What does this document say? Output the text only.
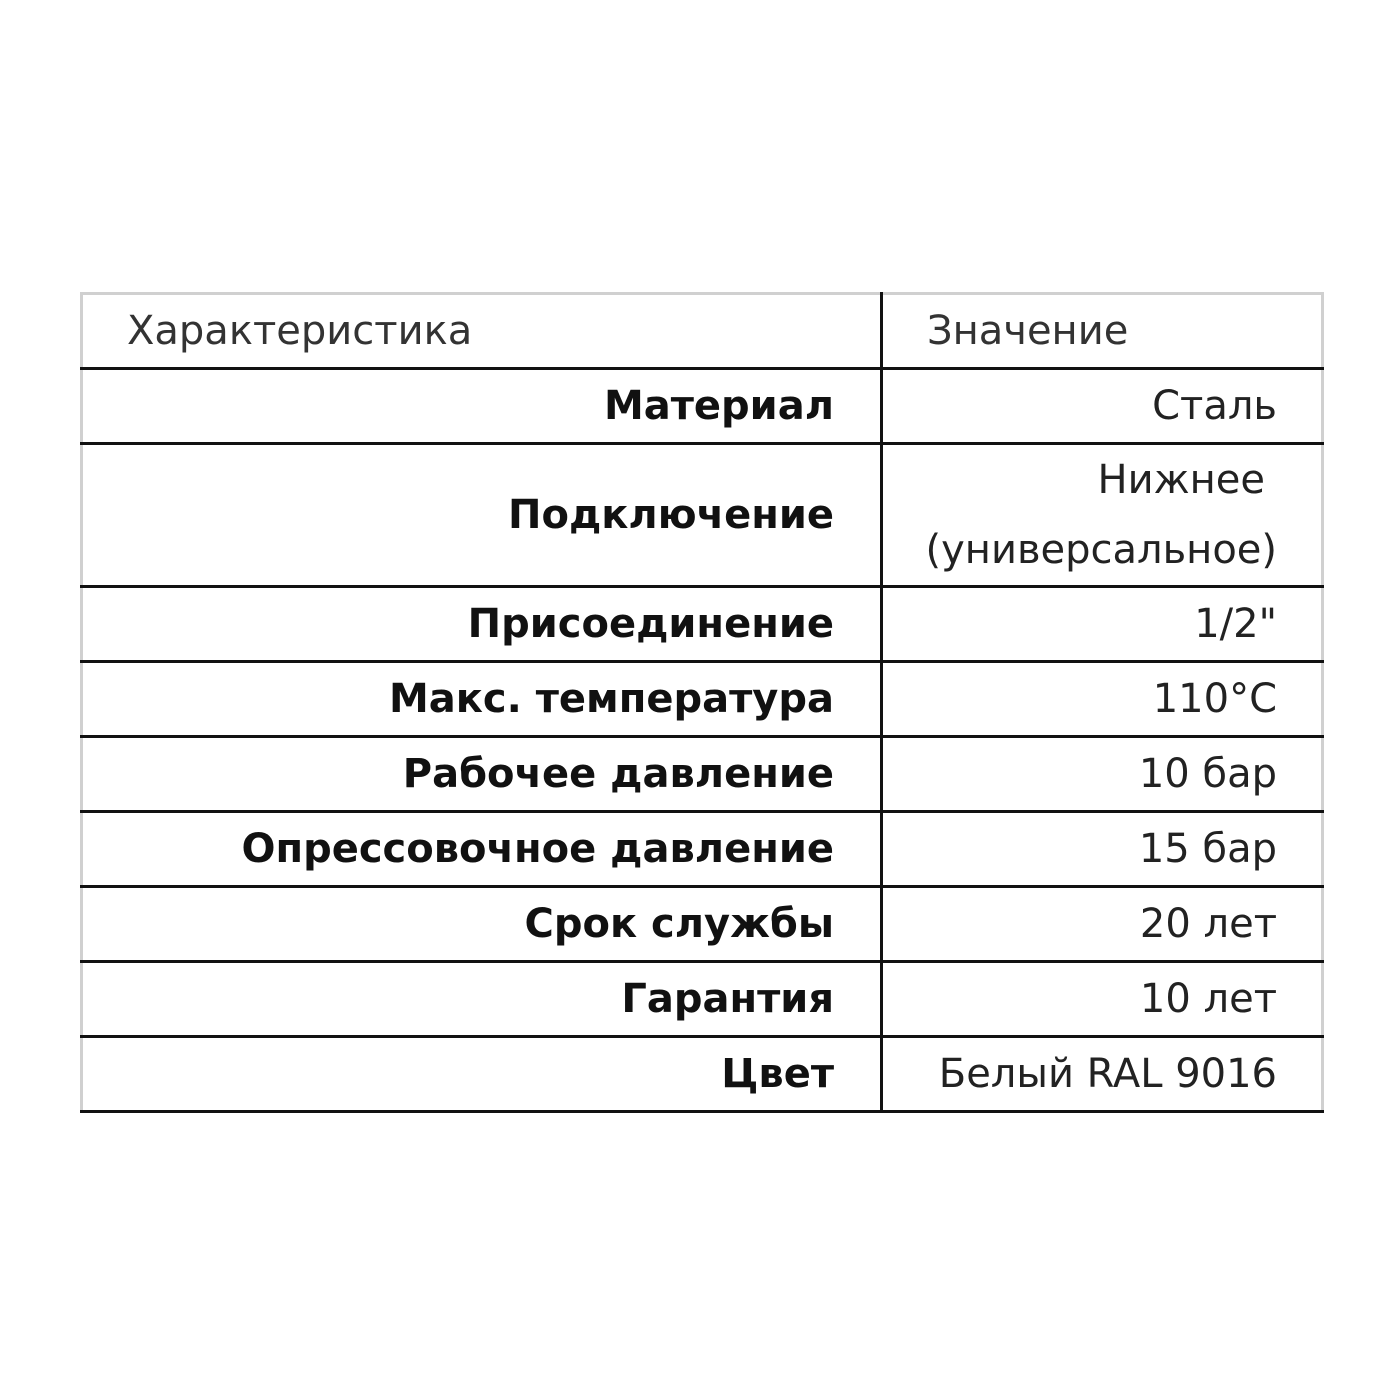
Характеристика	Значение
Материал	Сталь
Подключение	Нижнее
(универсальное)

Присоединение	1/2"
Макс. температура	110°C
Рабочее давление	10 бар
Опрессовочное давление	15 бар
Срок службы	20 лет
Гарантия	10 лет
Цвет	Белый RAL 9016
